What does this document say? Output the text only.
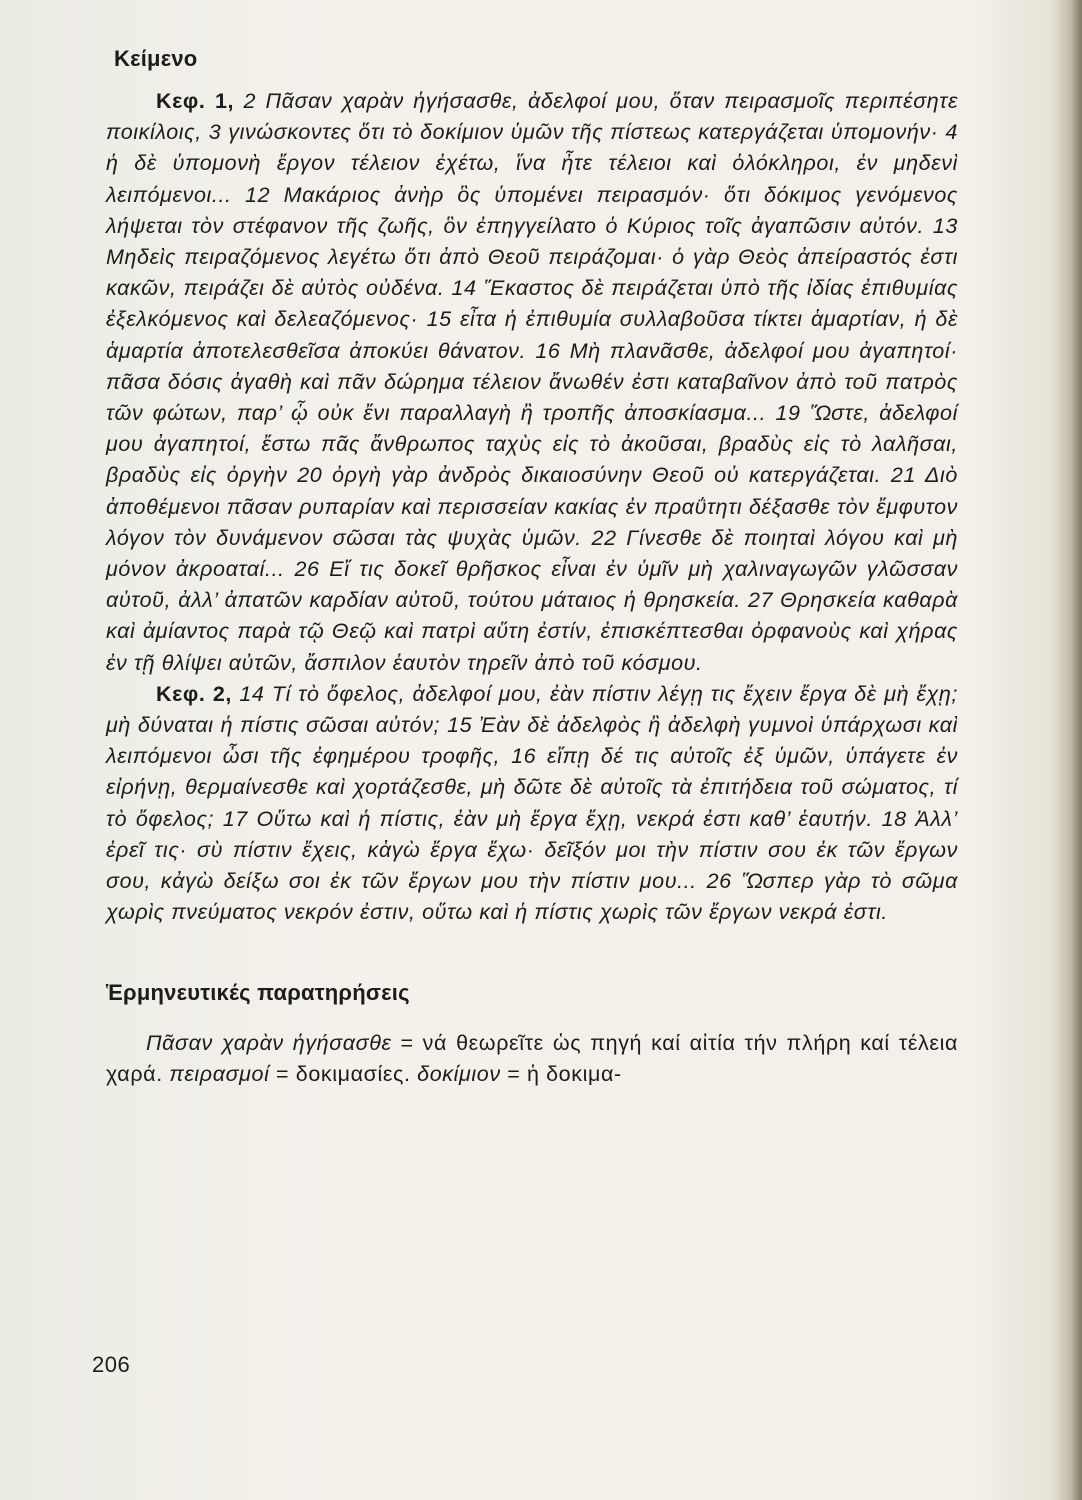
Κείμενο

Κεφ. 1, 2 Πᾶσαν χαρὰν ἡγήσασθε, ἀδελφοί μου, ὅταν πειρασμοῖς περιπέσητε ποικίλοις, 3 γινώσκοντες ὅτι τὸ δοκίμιον ὑμῶν τῆς πίστεως κατεργάζεται ὑπομονήν· 4 ἡ δὲ ὑπομονὴ ἔργον τέλειον ἐχέτω, ἵνα ἦτε τέλειοι καὶ ὁλόκληροι, ἐν μηδενὶ λειπόμενοι... 12 Μακάριος ἀνὴρ ὃς ὑπομένει πειρασμόν· ὅτι δόκιμος γενόμενος λήψεται τὸν στέφανον τῆς ζωῆς, ὃν ἐπηγγείλατο ὁ Κύριος τοῖς ἀγαπῶσιν αὐτόν. 13 Μηδεὶς πειραζόμενος λεγέτω ὅτι ἀπὸ Θεοῦ πειράζομαι· ὁ γὰρ Θεὸς ἀπείραστός ἐστι κακῶν, πειράζει δὲ αὐτὸς οὐδένα. 14 Ἕκαστος δὲ πειράζεται ὑπὸ τῆς ἰδίας ἐπιθυμίας ἐξελκόμενος καὶ δελεαζόμενος· 15 εἶτα ἡ ἐπιθυμία συλλαβοῦσα τίκτει ἁμαρτίαν, ἡ δὲ ἁμαρτία ἀποτελεσθεῖσα ἀποκύει θάνατον. 16 Μὴ πλανᾶσθε, ἀδελφοί μου ἀγαπητοί· πᾶσα δόσις ἀγαθὴ καὶ πᾶν δώρημα τέλειον ἄνωθέν ἐστι καταβαῖνον ἀπὸ τοῦ πατρὸς τῶν φώτων, παρ’ ᾧ οὐκ ἔνι παραλλαγὴ ἢ τροπῆς ἀποσκίασμα... 19 Ὥστε, ἀδελφοί μου ἀγαπητοί, ἔστω πᾶς ἄνθρωπος ταχὺς εἰς τὸ ἀκοῦσαι, βραδὺς εἰς τὸ λαλῆσαι, βραδὺς εἰς ὀργὴν 20 ὀργὴ γὰρ ἀνδρὸς δικαιοσύνην Θεοῦ οὐ κατεργάζεται. 21 Διὸ ἀποθέμενοι πᾶσαν ρυπαρίαν καὶ περισσείαν κακίας ἐν πραΰτητι δέξασθε τὸν ἔμφυτον λόγον τὸν δυνάμενον σῶσαι τὰς ψυχὰς ὑμῶν. 22 Γίνεσθε δὲ ποιηταὶ λόγου καὶ μὴ μόνον ἀκροαταί... 26 Εἴ τις δοκεῖ θρῆσκος εἶναι ἐν ὑμῖν μὴ χαλιναγωγῶν γλῶσσαν αὐτοῦ, ἀλλ’ ἀπατῶν καρδίαν αὐτοῦ, τούτου μάταιος ἡ θρησκεία. 27 Θρησκεία καθαρὰ καὶ ἀμίαντος παρὰ τῷ Θεῷ καὶ πατρὶ αὕτη ἐστίν, ἐπισκέπτεσθαι ὀρφανοὺς καὶ χήρας ἐν τῇ θλίψει αὐτῶν, ἄσπιλον ἑαυτὸν τηρεῖν ἀπὸ τοῦ κόσμου.

Κεφ. 2, 14 Τί τὸ ὄφελος, ἀδελφοί μου, ἐὰν πίστιν λέγῃ τις ἔχειν ἔργα δὲ μὴ ἔχῃ; μὴ δύναται ἡ πίστις σῶσαι αὐτόν; 15 Ἐὰν δὲ ἀδελφὸς ἢ ἀδελφὴ γυμνοὶ ὑπάρχωσι καὶ λειπόμενοι ὦσι τῆς ἐφημέρου τροφῆς, 16 εἴπῃ δέ τις αὐτοῖς ἐξ ὑμῶν, ὑπάγετε ἐν εἰρήνῃ, θερμαίνεσθε καὶ χορτάζεσθε, μὴ δῶτε δὲ αὐτοῖς τὰ ἐπιτήδεια τοῦ σώματος, τί τὸ ὄφελος; 17 Οὕτω καὶ ἡ πίστις, ἐὰν μὴ ἔργα ἔχῃ, νεκρά ἐστι καθ’ ἑαυτήν. 18 Ἀλλ’ ἐρεῖ τις· σὺ πίστιν ἔχεις, κἀγὼ ἔργα ἔχω· δεῖξόν μοι τὴν πίστιν σου ἐκ τῶν ἔργων σου, κἀγὼ δείξω σοι ἐκ τῶν ἔργων μου τὴν πίστιν μου... 26 Ὥσπερ γὰρ τὸ σῶμα χωρὶς πνεύματος νεκρόν ἐστιν, οὕτω καὶ ἡ πίστις χωρὶς τῶν ἔργων νεκρά ἐστι.

Ἑρμηνευτικές παρατηρήσεις

Πᾶσαν χαρὰν ἡγήσασθε = νά θεωρεῖτε ὡς πηγή καί αἰτία τήν πλήρη καί τέλεια χαρά. πειρασμοί = δοκιμασίες. δοκίμιον = ἡ δοκιμα-

206
